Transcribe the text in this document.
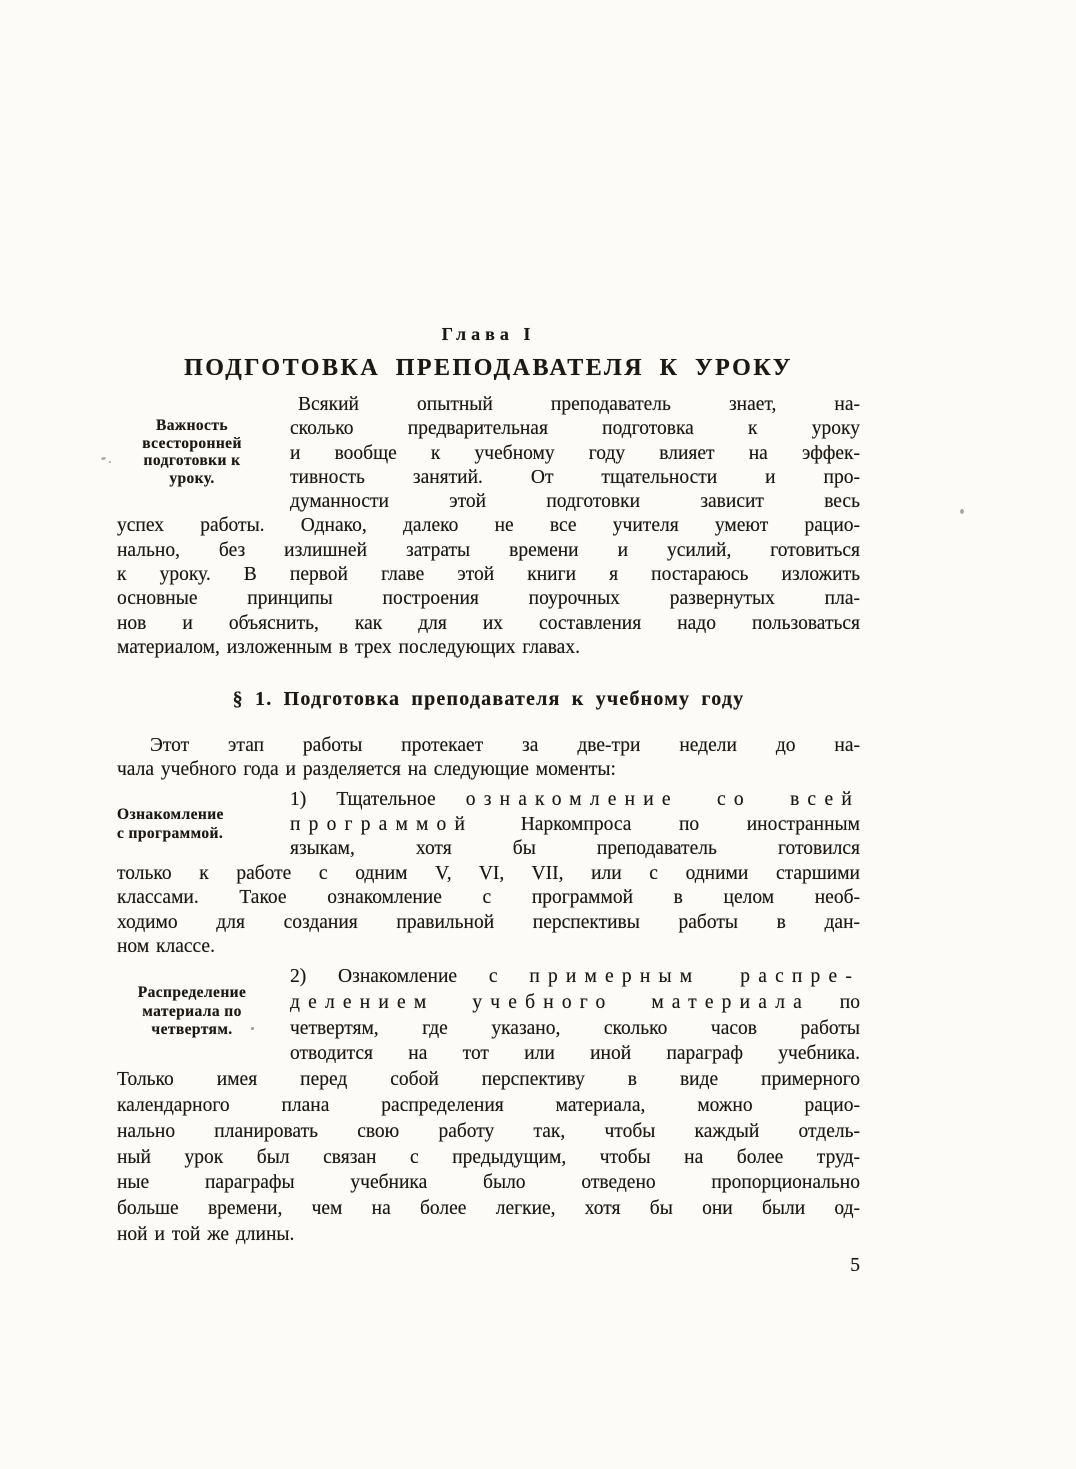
Глава I
ПОДГОТОВКА ПРЕПОДАВАТЕЛЯ К УРОКУ
Важность
всесторонней
подготовки к
уроку.
Всякий опытный преподаватель знает, на-
сколько предварительная подготовка к уроку
и вообще к учебному году влияет на эффек-
тивность занятий. От тщательности и про-
думанности этой подготовки зависит весь
успех работы. Однако, далеко не все учителя умеют рацио-
нально, без излишней затраты времени и усилий, готовиться
к уроку. В первой главе этой книги я постараюсь изложить
основные принципы построения поурочных развернутых пла-
нов и объяснить, как для их составления надо пользоваться
материалом, изложенным в трех последующих главах.
§ 1. Подготовка преподавателя к учебному году
Этот этап работы протекает за две-три недели до на-
чала учебного года и разделяется на следующие моменты:
Ознакомление
с программой.
1) Тщательное ознакомление со всей
программой Наркомпроса по иностранным
языкам, хотя бы преподаватель готовился
только к работе с одним V, VI, VII, или с одними старшими
классами. Такое ознакомление с программой в целом необ-
ходимо для создания правильной перспективы работы в дан-
ном классе.
Распределение
материала по
четвертям.
2) Ознакомление с примерным распре-
делением учебного материала по
четвертям, где указано, сколько часов работы
отводится на тот или иной параграф учебника.
Только имея перед собой перспективу в виде примерного
календарного плана распределения материала, можно рацио-
нально планировать свою работу так, чтобы каждый отдель-
ный урок был связан с предыдущим, чтобы на более труд-
ные параграфы учебника было отведено пропорционально
больше времени, чем на более легкие, хотя бы они были од-
ной и той же длины.
5
